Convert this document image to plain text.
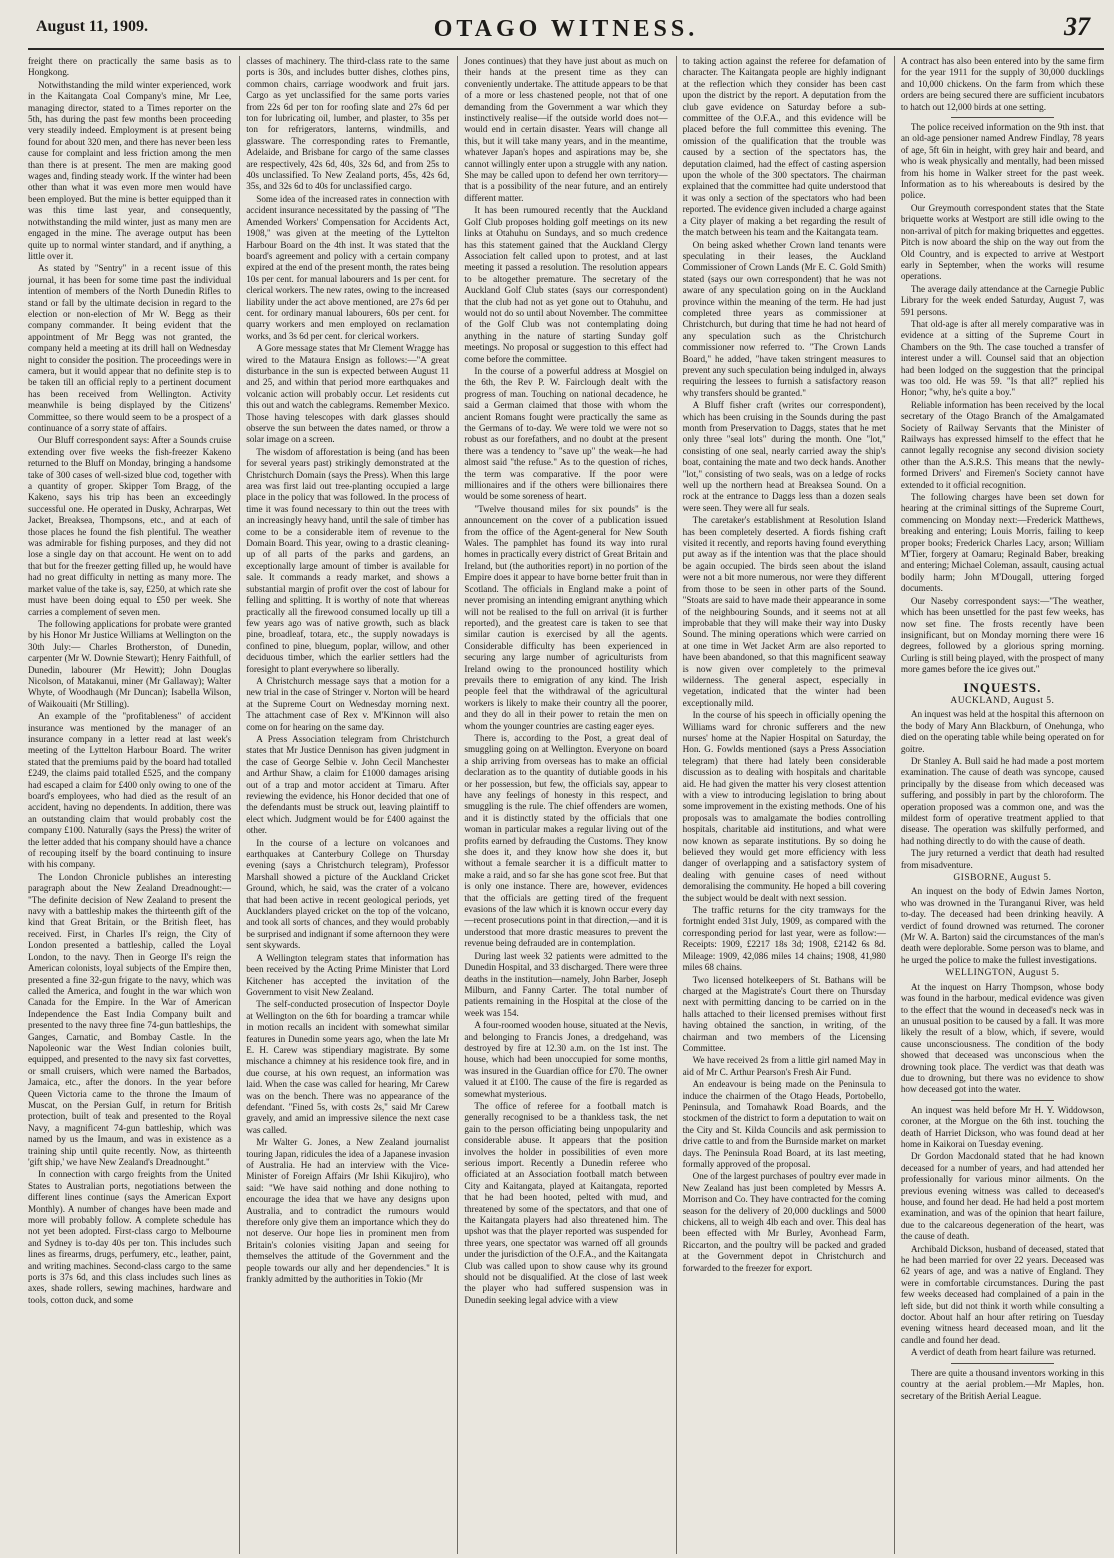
August 11, 1909.	OTAGO WITNESS.	37

freight there on practically the same basis as to Hongkong.

Notwithstanding the mild winter experienced, work in the Kaitangata Coal Company's mine, Mr Lee, managing director, stated to a Times reporter on the 5th, has during the past few months been proceeding very steadily indeed. Employment is at present being found for about 320 men, and there has never been less cause for complaint and less friction among the men than there is at present. The men are making good wages and, finding steady work. If the winter had been other than what it was even more men would have been employed. But the mine is better equipped than it was this time last year, and consequently, notwithstanding the mild winter, just as many men are engaged in the mine. The average output has been quite up to normal winter standard, and if anything, a little over it.

As stated by "Sentry" in a recent issue of this journal, it has been for some time past the individual intention of members of the North Dunedin Rifles to stand or fall by the ultimate decision in regard to the election or non-election of Mr W. Begg as their company commander. It being evident that the appointment of Mr Begg was not granted, the company held a meeting at its drill hall on Wednesday night to consider the position. The proceedings were in camera, but it would appear that no definite step is to be taken till an official reply to a pertinent document has been received from Wellington. Activity meanwhile is being displayed by the Citizens' Committee, so there would seem to be a prospect of a continuance of a sorry state of affairs.

Our Bluff correspondent says: After a Sounds cruise extending over five weeks the fish-freezer Kakeno returned to the Bluff on Monday, bringing a handsome take of 300 cases of well-sized blue cod, together with a quantity of groper. Skipper Tom Bragg, of the Kakeno, says his trip has been an exceedingly successful one. He operated in Dusky, Achrarpas, Wet Jacket, Breaksea, Thompsons, etc., and at each of those places he found the fish plentiful. The weather was admirable for fishing purposes, and they did not lose a single day on that account. He went on to add that but for the freezer getting filled up, he would have had no great difficulty in netting as many more. The market value of the take is, say, £250, at which rate she must have been doing equal to £50 per week. She carries a complement of seven men.

The following applications for probate were granted by his Honor Mr Justice Williams at Wellington on the 30th July:— Charles Brotherston, of Dunedin, carpenter (Mr W. Downie Stewart); Henry Faithfull, of Dunedin, labourer (Mr Hewitt); John Douglas Nicolson, of Matakanui, miner (Mr Gallaway); Walter Whyte, of Woodhaugh (Mr Duncan); Isabella Wilson, of Waikouaiti (Mr Stilling).

An example of the "profitableness" of accident insurance was mentioned by the manager of an insurance company in a letter read at last week's meeting of the Lyttelton Harbour Board. The writer stated that the premiums paid by the board had totalled £249, the claims paid totalled £525, and the company had escaped a claim for £400 only owing to one of the board's employees, who had died as the result of an accident, having no dependents. In addition, there was an outstanding claim that would probably cost the company £100. Naturally (says the Press) the writer of the letter added that his company should have a chance of recouping itself by the board continuing to insure with his company.

The London Chronicle publishes an interesting paragraph about the New Zealand Dreadnought:— "The definite decision of New Zealand to present the navy with a battleship makes the thirteenth gift of the kind that Great Britain, or the British fleet, has received. First, in Charles II's reign, the City of London presented a battleship, called the Loyal London, to the navy. Then in George II's reign the American colonists, loyal subjects of the Empire then, presented a fine 32-gun frigate to the navy, which was called the America, and fought in the war which won Canada for the Empire. In the War of American Independence the East India Company built and presented to the navy three fine 74-gun battleships, the Ganges, Carnatic, and Bombay Castle. In the Napoleonic war the West Indian colonies built, equipped, and presented to the navy six fast corvettes, or small cruisers, which were named the Barbados, Jamaica, etc., after the donors. In the year before Queen Victoria came to the throne the Imaum of Muscat, on the Persian Gulf, in return for British protection, built of teak and presented to the Royal Navy, a magnificent 74-gun battleship, which was named by us the Imaum, and was in existence as a training ship until quite recently. Now, as thirteenth 'gift ship,' we have New Zealand's Dreadnought."

In connection with cargo freights from the United States to Australian ports, negotiations between the different lines continue (says the American Export Monthly). A number of changes have been made and more will probably follow. A complete schedule has not yet been adopted. First-class cargo to Melbourne and Sydney is to-day 40s per ton. This includes such lines as firearms, drugs, perfumery, etc., leather, paint, and writing machines. Second-class cargo to the same ports is 37s 6d, and this class includes such lines as axes, shade rollers, sewing machines, hardware and tools, cotton duck, and some

classes of machinery. The third-class rate to the same ports is 30s, and includes butter dishes, clothes pins, common chairs, carriage woodwork and fruit jars. Cargo as yet unclassified for the same ports varies from 22s 6d per ton for roofing slate and 27s 6d per ton for lubricating oil, lumber, and plaster, to 35s per ton for refrigerators, lanterns, windmills, and glassware. The corresponding rates to Fremantle, Adelaide, and Brisbane for cargo of the same classes are respectively, 42s 6d, 40s, 32s 6d, and from 25s to 40s unclassified. To New Zealand ports, 45s, 42s 6d, 35s, and 32s 6d to 40s for unclassified cargo.

Some idea of the increased rates in connection with accident insurance necessitated by the passing of "The Amended Workers' Compensation for Accidents Act, 1908," was given at the meeting of the Lyttelton Harbour Board on the 4th inst. It was stated that the board's agreement and policy with a certain company expired at the end of the present month, the rates being 10s per cent. for manual labourers and 1s per cent. for clerical workers. The new rates, owing to the increased liability under the act above mentioned, are 27s 6d per cent. for ordinary manual labourers, 60s per cent. for quarry workers and men employed on reclamation works, and 3s 6d per cent. for clerical workers.

A Gore message states that Mr Clement Wragge has wired to the Mataura Ensign as follows:—"A great disturbance in the sun is expected between August 11 and 25, and within that period more earthquakes and volcanic action will probably occur. Let residents cut this out and watch the cablegrams. Remember Mexico. Those having telescopes with dark glasses should observe the sun between the dates named, or throw a solar image on a screen.

The wisdom of afforestation is being (and has been for several years past) strikingly demonstrated at the Christchurch Domain (says the Press). When this large area was first laid out tree-planting occupied a large place in the policy that was followed. In the process of time it was found necessary to thin out the trees with an increasingly heavy hand, until the sale of timber has come to be a considerable item of revenue to the Domain Board. This year, owing to a drastic cleaning-up of all parts of the parks and gardens, an exceptionally large amount of timber is available for sale. It commands a ready market, and shows a substantial margin of profit over the cost of labour for felling and splitting. It is worthy of note that whereas practically all the firewood consumed locally up till a few years ago was of native growth, such as black pine, broadleaf, totara, etc., the supply nowadays is confined to pine, bluegum, poplar, willow, and other deciduous timber, which the earlier settlers had the foresight to plant everywhere so liberally.

A Christchurch message says that a motion for a new trial in the case of Stringer v. Norton will be heard at the Supreme Court on Wednesday morning next. The attachment case of Rex v. M'Kinnon will also come on for hearing on the same day.

A Press Association telegram from Christchurch states that Mr Justice Dennison has given judgment in the case of George Selbie v. John Cecil Manchester and Arthur Shaw, a claim for £1000 damages arising out of a trap and motor accident at Timaru. After reviewing the evidence, his Honor decided that one of the defendants must be struck out, leaving plaintiff to elect which. Judgment would be for £400 against the other.

In the course of a lecture on volcanoes and earthquakes at Canterbury College on Thursday evening (says a Christchurch telegram), Professor Marshall showed a picture of the Auckland Cricket Ground, which, he said, was the crater of a volcano that had been active in recent geological periods, yet Aucklanders played cricket on the top of the volcano, and took all sorts of chances, and they would probably be surprised and indignant if some afternoon they were sent skywards.

A Wellington telegram states that information has been received by the Acting Prime Minister that Lord Kitchener has accepted the invitation of the Government to visit New Zealand.

The self-conducted prosecution of Inspector Doyle at Wellington on the 6th for boarding a tramcar while in motion recalls an incident with somewhat similar features in Dunedin some years ago, when the late Mr E. H. Carew was stipendiary magistrate. By some mischance a chimney at his residence took fire, and in due course, at his own request, an information was laid. When the case was called for hearing, Mr Carew was on the bench. There was no appearance of the defendant. "Fined 5s, with costs 2s," said Mr Carew gravely, and amid an impressive silence the next case was called.

Mr Walter G. Jones, a New Zealand journalist touring Japan, ridicules the idea of a Japanese invasion of Australia. He had an interview with the Vice-Minister of Foreign Affairs (Mr Ishii Kikujiro), who said: "We have said nothing and done nothing to encourage the idea that we have any designs upon Australia, and to contradict the rumours would therefore only give them an importance which they do not deserve. Our hope lies in prominent men from Britain's colonies visiting Japan and seeing for themselves the attitude of the Government and the people towards our ally and her dependencies." It is frankly admitted by the authorities in Tokio (Mr

Jones continues) that they have just about as much on their hands at the present time as they can conveniently undertake. The attitude appears to be that of a more or less chastened people, not that of one demanding from the Government a war which they instinctively realise—if the outside world does not—would end in certain disaster. Years will change all this, but it will take many years, and in the meantime, whatever Japan's hopes and aspirations may be, she cannot willingly enter upon a struggle with any nation. She may be called upon to defend her own territory—that is a possibility of the near future, and an entirely different matter.

It has been rumoured recently that the Auckland Golf Club proposes holding golf meetings on its new links at Otahuhu on Sundays, and so much credence has this statement gained that the Auckland Clergy Association felt called upon to protest, and at last meeting it passed a resolution. The resolution appears to be altogether premature. The secretary of the Auckland Golf Club states (says our correspondent) that the club had not as yet gone out to Otahuhu, and would not do so until about November. The committee of the Golf Club was not contemplating doing anything in the nature of starting Sunday golf meetings. No proposal or suggestion to this effect had come before the committee.

In the course of a powerful address at Mosgiel on the 6th, the Rev P. W. Fairclough dealt with the progress of man. Touching on national decadence, he said a German claimed that those with whom the ancient Romans fought were practically the same as the Germans of to-day. We were told we were not so robust as our forefathers, and no doubt at the present there was a tendency to "save up" the weak—he had almost said "the refuse." As to the question of riches, the term was comparative. If the poor were millionaires and if the others were billionaires there would be some soreness of heart.

"Twelve thousand miles for six pounds" is the announcement on the cover of a publication issued from the office of the Agent-general for New South Wales. The pamphlet has found its way into rural homes in practically every district of Great Britain and Ireland, but (the authorities report) in no portion of the Empire does it appear to have borne better fruit than in Scotland. The officials in England make a point of never promising an intending emigrant anything which will not be realised to the full on arrival (it is further reported), and the greatest care is taken to see that similar caution is exercised by all the agents. Considerable difficulty has been experienced in securing any large number of agriculturists from Ireland owing to the pronounced hostility which prevails there to emigration of any kind. The Irish people feel that the withdrawal of the agricultural workers is likely to make their country all the poorer, and they do all in their power to retain the men on whom the younger countries are casting eager eyes.

There is, according to the Post, a great deal of smuggling going on at Wellington. Everyone on board a ship arriving from overseas has to make an official declaration as to the quantity of dutiable goods in his or her possession, but few, the officials say, appear to have any feelings of honesty in this respect, and smuggling is the rule. The chief offenders are women, and it is distinctly stated by the officials that one woman in particular makes a regular living out of the profits earned by defrauding the Customs. They know she does it, and they know how she does it, but without a female searcher it is a difficult matter to make a raid, and so far she has gone scot free. But that is only one instance. There are, however, evidences that the officials are getting tired of the frequent evasions of the law which it is known occur every day—recent prosecutions point in that direction,—and it is understood that more drastic measures to prevent the revenue being defrauded are in contemplation.

During last week 32 patients were admitted to the Dunedin Hospital, and 33 discharged. There were three deaths in the institution—namely, John Barber, Joseph Milburn, and Fanny Carter. The total number of patients remaining in the Hospital at the close of the week was 154.

A four-roomed wooden house, situated at the Nevis, and belonging to Francis Jones, a dredgehand, was destroyed by fire at 12.30 a.m. on the 1st inst. The house, which had been unoccupied for some months, was insured in the Guardian office for £70. The owner valued it at £100. The cause of the fire is regarded as somewhat mysterious.

The office of referee for a football match is generally recognised to be a thankless task, the net gain to the person officiating being unpopularity and considerable abuse. It appears that the position involves the holder in possibilities of even more serious import. Recently a Dunedin referee who officiated at an Association football match between City and Kaitangata, played at Kaitangata, reported that he had been hooted, pelted with mud, and threatened by some of the spectators, and that one of the Kaitangata players had also threatened him. The upshot was that the player reported was suspended for three years, one spectator was warned off all grounds under the jurisdiction of the O.F.A., and the Kaitangata Club was called upon to show cause why its ground should not be disqualified. At the close of last week the player who had suffered suspension was in Dunedin seeking legal advice with a view

to taking action against the referee for defamation of character. The Kaitangata people are highly indignant at the reflection which they consider has been cast upon the district by the report. A deputation from the club gave evidence on Saturday before a sub-committee of the O.F.A., and this evidence will be placed before the full committee this evening. The omission of the qualification that the trouble was caused by a section of the spectators has, the deputation claimed, had the effect of casting aspersion upon the whole of the 300 spectators. The chairman explained that the committee had quite understood that it was only a section of the spectators who had been reported. The evidence given included a charge against a City player of making a bet regarding the result of the match between his team and the Kaitangata team.

On being asked whether Crown land tenants were speculating in their leases, the Auckland Commissioner of Crown Lands (Mr E. C. Gold Smith) stated (says our own correspondent) that he was not aware of any speculation going on in the Auckland province within the meaning of the term. He had just completed three years as commissioner at Christchurch, but during that time he had not heard of any speculation such as the Christchurch commissioner now referred to. "The Crown Lands Board," he added, "have taken stringent measures to prevent any such speculation being indulged in, always requiring the lessees to furnish a satisfactory reason why transfers should be granted."

A Bluff fisher craft (writes our correspondent), which has been cruising in the Sounds during the past month from Preservation to Daggs, states that he met only three "seal lots" during the month. One "lot," consisting of one seal, nearly carried away the ship's boat, containing the mate and two deck hands. Another "lot," consisting of two seals, was on a ledge of rocks well up the northern head at Breaksea Sound. On a rock at the entrance to Daggs less than a dozen seals were seen. They were all fur seals.

The caretaker's establishment at Resolution Island has been completely deserted. A fiords fishing craft visited it recently, and reports having found everything put away as if the intention was that the place should be again occupied. The birds seen about the island were not a bit more numerous, nor were they different from those to be seen in other parts of the Sound. "Stoats are said to have made their appearance in some of the neighbouring Sounds, and it seems not at all improbable that they will make their way into Dusky Sound. The mining operations which were carried on at one time in Wet Jacket Arm are also reported to have been abandoned, so that this magnificent seaway is now given over completely to the primeval wilderness. The general aspect, especially in vegetation, indicated that the winter had been exceptionally mild.

In the course of his speech in officially opening the Williams ward for chronic sufferers and the new nurses' home at the Napier Hospital on Saturday, the Hon. G. Fowlds mentioned (says a Press Association telegram) that there had lately been considerable discussion as to dealing with hospitals and charitable aid. He had given the matter his very closest attention with a view to introducing legislation to bring about some improvement in the existing methods. One of his proposals was to amalgamate the bodies controlling hospitals, charitable aid institutions, and what were now known as separate institutions. By so doing he believed they would get more efficiency with less danger of overlapping and a satisfactory system of dealing with genuine cases of need without demoralising the community. He hoped a bill covering the subject would be dealt with next session.

The traffic returns for the city tramways for the fortnight ended 31st July, 1909, as compared with the corresponding period for last year, were as follow:—Receipts: 1909, £2217 18s 3d; 1908, £2142 6s 8d. Mileage: 1909, 42,086 miles 14 chains; 1908, 41,980 miles 68 chains.

Two licensed hotelkeepers of St. Bathans will be charged at the Magistrate's Court there on Thursday next with permitting dancing to be carried on in the halls attached to their licensed premises without first having obtained the sanction, in writing, of the chairman and two members of the Licensing Committee.

We have received 2s from a little girl named May in aid of Mr C. Arthur Pearson's Fresh Air Fund.

An endeavour is being made on the Peninsula to induce the chairmen of the Otago Heads, Portobello, Peninsula, and Tomahawk Road Boards, and the stockmen of the district to form a deputation to wait on the City and St. Kilda Councils and ask permission to drive cattle to and from the Burnside market on market days. The Peninsula Road Board, at its last meeting, formally approved of the proposal.

One of the largest purchases of poultry ever made in New Zealand has just been completed by Messrs A. Morrison and Co. They have contracted for the coming season for the delivery of 20,000 ducklings and 5000 chickens, all to weigh 4lb each and over. This deal has been effected with Mr Burley, Avonhead Farm, Riccarton, and the poultry will be packed and graded at the Government depot in Christchurch and forwarded to the freezer for export.

A contract has also been entered into by the same firm for the year 1911 for the supply of 30,000 ducklings and 10,000 chickens. On the farm from which these orders are being secured there are sufficient incubators to hatch out 12,000 birds at one setting.

The police received information on the 9th inst. that an old-age pensioner named Andrew Findlay, 78 years of age, 5ft 6in in height, with grey hair and beard, and who is weak physically and mentally, had been missed from his home in Walker street for the past week. Information as to his whereabouts is desired by the police.

Our Greymouth correspondent states that the State briquette works at Westport are still idle owing to the non-arrival of pitch for making briquettes and eggettes. Pitch is now aboard the ship on the way out from the Old Country, and is expected to arrive at Westport early in September, when the works will resume operations.

The average daily attendance at the Carnegie Public Library for the week ended Saturday, August 7, was 591 persons.

That old-age is after all merely comparative was in evidence at a sitting of the Supreme Court in Chambers on the 9th. The case touched a transfer of interest under a will. Counsel said that an objection had been lodged on the suggestion that the principal was too old. He was 59. "Is that all?" replied his Honor; "why, he's quite a boy."

Reliable information has been received by the local secretary of the Otago Branch of the Amalgamated Society of Railway Servants that the Minister of Railways has expressed himself to the effect that he cannot legally recognise any second division society other than the A.S.R.S. This means that the newly-formed Drivers' and Firemen's Society cannot have extended to it official recognition.

The following charges have been set down for hearing at the criminal sittings of the Supreme Court, commencing on Monday next:—Frederick Matthews, breaking and entering; Louis Morris, failing to keep proper books; Frederick Charles Lacy, arson; William M'Tier, forgery at Oamaru; Reginald Baber, breaking and entering; Michael Coleman, assault, causing actual bodily harm; John M'Dougall, uttering forged documents.

Our Naseby correspondent says:—"The weather, which has been unsettled for the past few weeks, has now set fine. The frosts recently have been insignificant, but on Monday morning there were 16 degrees, followed by a glorious spring morning. Curling is still being played, with the prospect of many more games before the ice gives out."

INQUESTS.
AUCKLAND, August 5.

An inquest was held at the hospital this afternoon on the body of Mary Ann Blackburn, of Onehunga, who died on the operating table while being operated on for goitre.

Dr Stanley A. Bull said he had made a post mortem examination. The cause of death was syncope, caused principally by the disease from which deceased was suffering, and possibly in part by the chloroform. The operation proposed was a common one, and was the mildest form of operative treatment applied to that disease. The operation was skilfully performed, and had nothing directly to do with the cause of death.

The jury returned a verdict that death had resulted from misadventure.

GISBORNE, August 5.

An inquest on the body of Edwin James Norton, who was drowned in the Turanganui River, was held to-day. The deceased had been drinking heavily. A verdict of found drowned was returned. The coroner (Mr W. A. Barton) said the circumstances of the man's death were deplorable. Some person was to blame, and he urged the police to make the fullest investigations.

WELLINGTON, August 5.

At the inquest on Harry Thompson, whose body was found in the harbour, medical evidence was given to the effect that the wound in deceased's neck was in an unusual position to be caused by a fall. It was more likely the result of a blow, which, if severe, would cause unconsciousness. The condition of the body showed that deceased was unconscious when the drowning took place. The verdict was that death was due to drowning, but there was no evidence to show how deceased got into the water.

An inquest was held before Mr H. Y. Widdowson, coroner, at the Morgue on the 6th inst. touching the death of Harriet Dickson, who was found dead at her home in Kaikorai on Tuesday evening.

Dr Gordon Macdonald stated that he had known deceased for a number of years, and had attended her professionally for various minor ailments. On the previous evening witness was called to deceased's house, and found her dead. He had held a post mortem examination, and was of the opinion that heart failure, due to the calcareous degeneration of the heart, was the cause of death.

Archibald Dickson, husband of deceased, stated that he had been married for over 22 years. Deceased was 62 years of age, and was a native of England. They were in comfortable circumstances. During the past few weeks deceased had complained of a pain in the left side, but did not think it worth while consulting a doctor. About half an hour after retiring on Tuesday evening witness heard deceased moan, and lit the candle and found her dead.

A verdict of death from heart failure was returned.

There are quite a thousand inventors working in this country at the aerial problem.—Mr Maples, hon. secretary of the British Aerial League.
